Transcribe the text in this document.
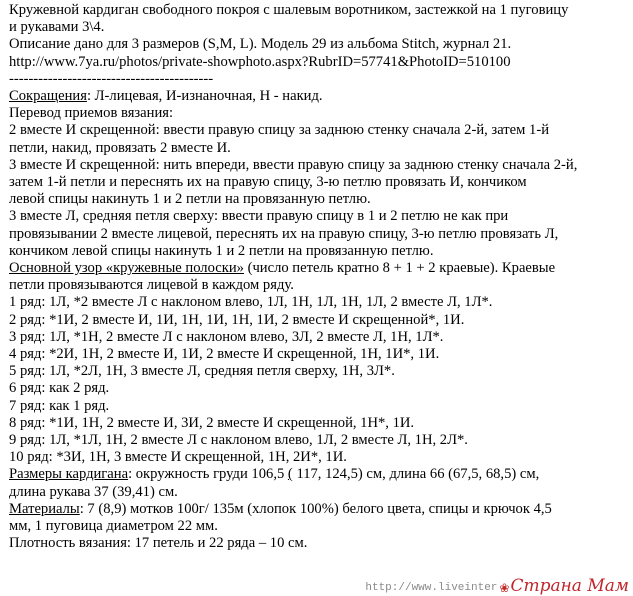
Кружевной кардиган свободного покроя с шалевым воротником, застежкой на 1 пуговицу
и рукавами 3\4.
Описание дано для 3 размеров (S,M, L). Модель 29 из альбома Stitch, журнал 21.
http://www.7ya.ru/photos/private-showphoto.aspx?RubrID=57741&PhotoID=510100
------------------------------------------
Сокращения: Л-лицевая, И-изнаночная, Н - накид.
Перевод приемов вязания:
2 вместе И скрещенной: ввести правую спицу за заднюю стенку сначала 2-й, затем 1-й
петли, накид, провязать 2 вместе И.
3 вместе И скрещенной: нить впереди, ввести правую спицу за заднюю стенку сначала 2-й,
затем 1-й петли и переснять их на правую спицу, 3-ю петлю провязать И, кончиком
левой спицы накинуть 1 и 2 петли на провязанную петлю.
3 вместе Л, средняя петля сверху: ввести правую спицу в 1 и 2 петлю не как при
провязывании 2 вместе лицевой, переснять их на правую спицу, 3-ю петлю провязать Л,
кончиком левой спицы накинуть 1 и 2 петли на провязанную петлю.
Основной узор «кружевные полоски» (число петель кратно 8 + 1 + 2 краевые). Краевые
петли провязываются лицевой в каждом ряду.
1 ряд: 1Л, *2 вместе Л с наклоном влево, 1Л, 1Н, 1Л, 1Н, 1Л, 2 вместе Л, 1Л*.
2 ряд: *1И, 2 вместе И, 1И, 1Н, 1И, 1Н, 1И, 2 вместе И скрещенной*, 1И.
3 ряд: 1Л, *1Н, 2 вместе Л с наклоном влево, 3Л, 2 вместе Л, 1Н, 1Л*.
4 ряд: *2И, 1Н, 2 вместе И, 1И, 2 вместе И скрещенной, 1Н, 1И*, 1И.
5 ряд: 1Л, *2Л, 1Н, 3 вместе Л, средняя петля сверху, 1Н, 3Л*.
6 ряд: как 2 ряд.
7 ряд: как 1 ряд.
8 ряд: *1И, 1Н, 2 вместе И, 3И, 2 вместе И скрещенной, 1Н*, 1И.
9 ряд: 1Л, *1Л, 1Н, 2 вместе Л с наклоном влево, 1Л, 2 вместе Л, 1Н, 2Л*.
10 ряд: *3И, 1Н, 3 вместе И скрещенной, 1Н, 2И*, 1И.
Размеры кардигана: окружность груди 106,5 ( 117, 124,5) см, длина 66 (67,5, 68,5) см,
длина рукава 37 (39,41) см.
Материалы: 7 (8,9) мотков 100г/ 135м (хлопок 100%) белого цвета, спицы и крючок 4,5
мм, 1 пуговица диаметром 22 мм.
Плотность вязания: 17 петель и 22 ряда – 10 см.
http://www.liveinter ❀ Страна Мам
